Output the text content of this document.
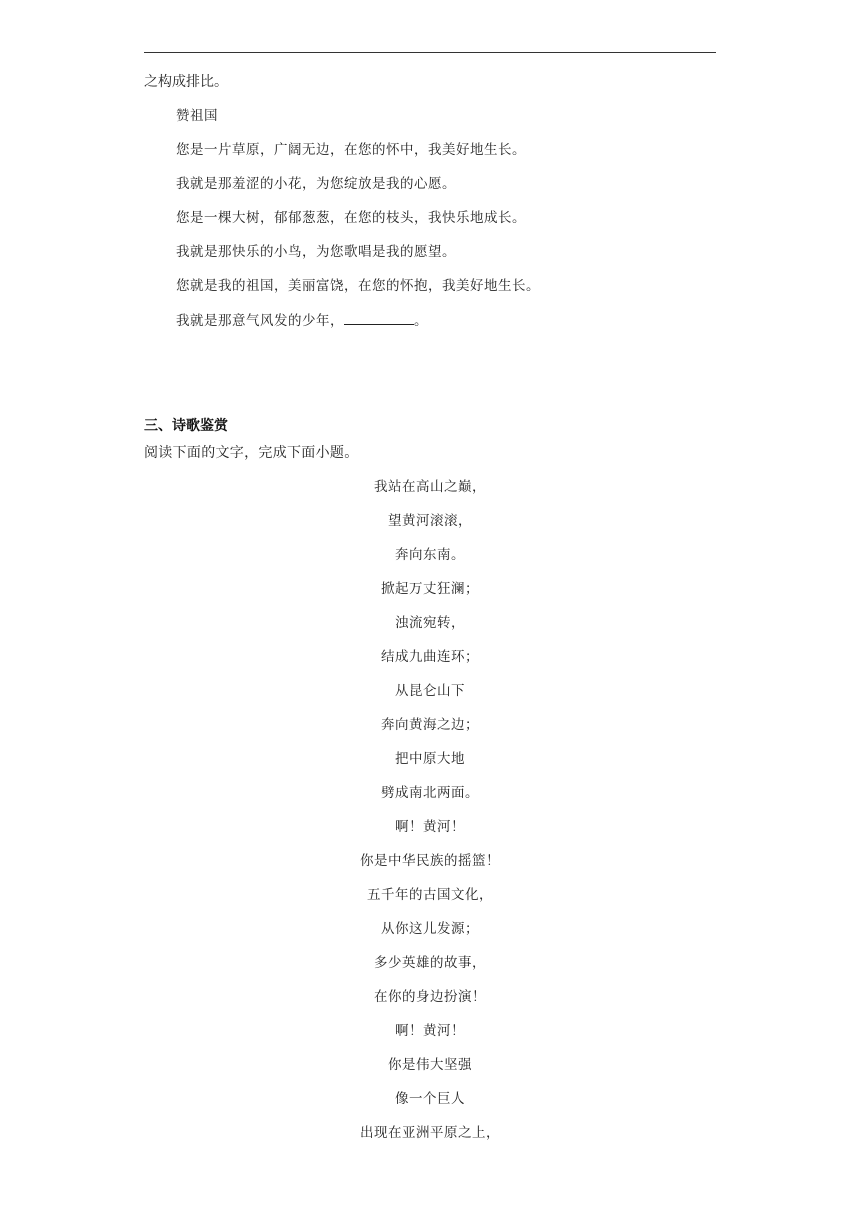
之构成排比。
赞祖国
您是一片草原，广阔无边，在您的怀中，我美好地生长。
我就是那羞涩的小花，为您绽放是我的心愿。
您是一棵大树，郁郁葱葱，在您的枝头，我快乐地成长。
我就是那快乐的小鸟，为您歌唱是我的愿望。
您就是我的祖国，美丽富饶，在您的怀抱，我美好地生长。
我就是那意气风发的少年，	。
三、诗歌鉴赏
阅读下面的文字，完成下面小题。
我站在高山之巅，
望黄河滚滚，
奔向东南。
掀起万丈狂澜；
浊流宛转，
结成九曲连环；
从昆仑山下
奔向黄海之边；
把中原大地
劈成南北两面。
啊！黄河！
你是中华民族的摇篮！
五千年的古国文化，
从你这儿发源；
多少英雄的故事，
在你的身边扮演！
啊！黄河！
你是伟大坚强
像一个巨人
出现在亚洲平原之上，
